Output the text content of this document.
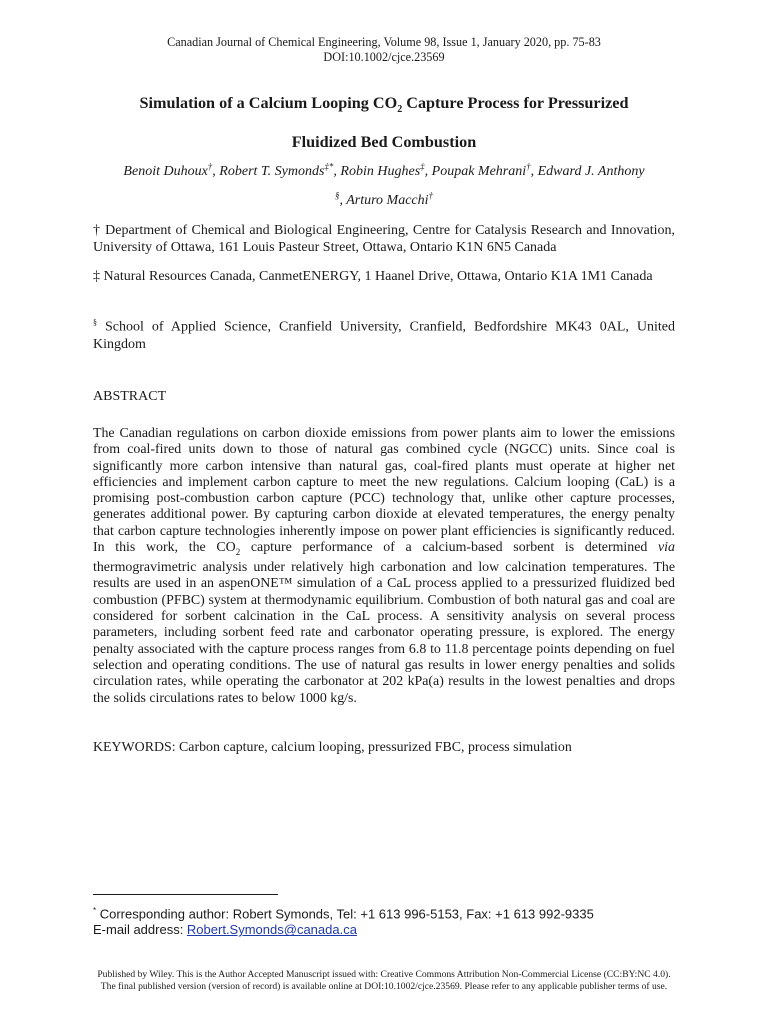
Canadian Journal of Chemical Engineering, Volume 98, Issue 1, January 2020, pp. 75-83
DOI:10.1002/cjce.23569
Simulation of a Calcium Looping $CO_2$ Capture Process for Pressurized
Fluidized Bed Combustion
Benoit Duhoux†, Robert T. Symonds‡*, Robin Hughes‡, Poupak Mehrani†, Edward J. Anthony
§, Arturo Macchi†
† Department of Chemical and Biological Engineering, Centre for Catalysis Research and Innovation, University of Ottawa, 161 Louis Pasteur Street, Ottawa, Ontario K1N 6N5 Canada
‡ Natural Resources Canada, CanmetENERGY, 1 Haanel Drive, Ottawa, Ontario K1A 1M1 Canada
§ School of Applied Science, Cranfield University, Cranfield, Bedfordshire MK43 0AL, United Kingdom
ABSTRACT
The Canadian regulations on carbon dioxide emissions from power plants aim to lower the emissions from coal-fired units down to those of natural gas combined cycle (NGCC) units. Since coal is significantly more carbon intensive than natural gas, coal-fired plants must operate at higher net efficiencies and implement carbon capture to meet the new regulations. Calcium looping (CaL) is a promising post-combustion carbon capture (PCC) technology that, unlike other capture processes, generates additional power. By capturing carbon dioxide at elevated temperatures, the energy penalty that carbon capture technologies inherently impose on power plant efficiencies is significantly reduced. In this work, the $CO_2$ capture performance of a calcium-based sorbent is determined via thermogravimetric analysis under relatively high carbonation and low calcination temperatures. The results are used in an aspenONE™ simulation of a CaL process applied to a pressurized fluidized bed combustion (PFBC) system at thermodynamic equilibrium. Combustion of both natural gas and coal are considered for sorbent calcination in the CaL process. A sensitivity analysis on several process parameters, including sorbent feed rate and carbonator operating pressure, is explored. The energy penalty associated with the capture process ranges from 6.8 to 11.8 percentage points depending on fuel selection and operating conditions. The use of natural gas results in lower energy penalties and solids circulation rates, while operating the carbonator at 202 kPa(a) results in the lowest penalties and drops the solids circulations rates to below 1000 kg/s.
KEYWORDS: Carbon capture, calcium looping, pressurized FBC, process simulation
* Corresponding author: Robert Symonds, Tel: +1 613 996-5153, Fax: +1 613 992-9335
E-mail address: Robert.Symonds@canada.ca
Published by Wiley. This is the Author Accepted Manuscript issued with: Creative Commons Attribution Non-Commercial License (CC:BY:NC 4.0).
The final published version (version of record) is available online at DOI:10.1002/cjce.23569. Please refer to any applicable publisher terms of use.
